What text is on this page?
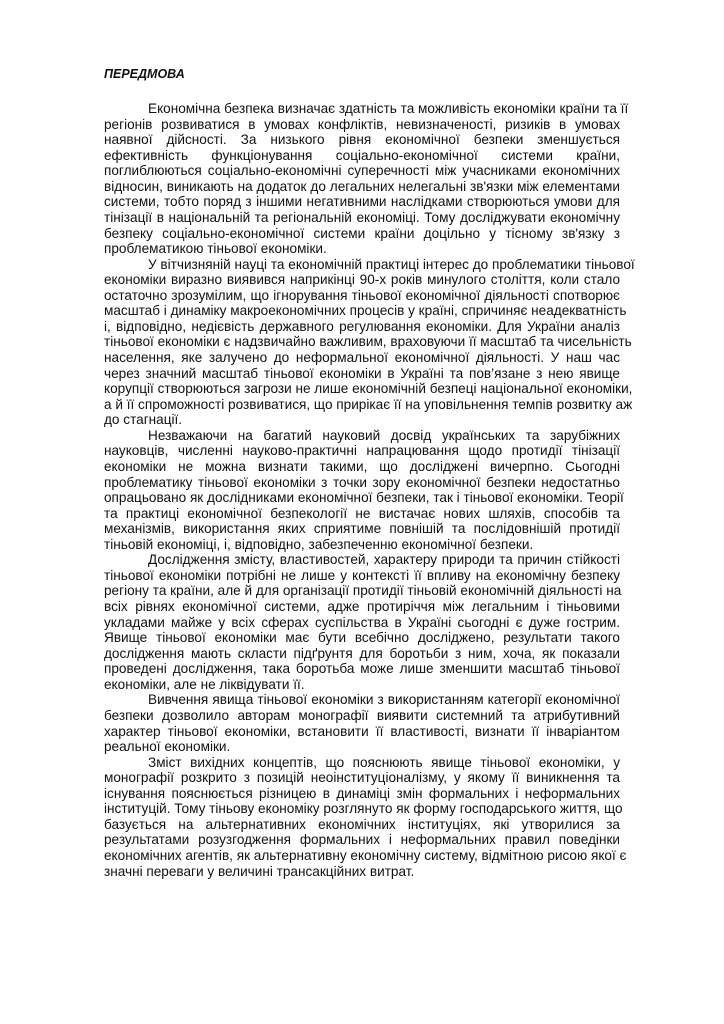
ПЕРЕДМОВА
Економічна безпека визначає здатність та можливість економіки країни та її
регіонів розвиватися в умовах конфліктів, невизначеності, ризиків в умовах
наявної дійсності. За низького рівня економічної безпеки зменшується
ефективність функціонування соціально-економічної системи країни,
поглиблюються соціально-економічні суперечності між учасниками економічних
відносин, виникають на додаток до легальних нелегальні зв'язки між елементами
системи, тобто поряд з іншими негативними наслідками створюються умови для
тінізації в національній та регіональній економіці. Тому досліджувати економічну
безпеку соціально-економічної системи країни доцільно у тісному зв'язку з
проблематикою тіньової економіки.
У вітчизняній науці та економічній практиці інтерес до проблематики тіньової
економіки виразно виявився наприкінці 90-х років минулого століття, коли стало
остаточно зрозумілим, що ігнорування тіньової економічної діяльності спотворює
масштаб і динаміку макроекономічних процесів у країні, спричиняє неадекватність
і, відповідно, недієвість державного регулювання економіки. Для України аналіз
тіньової економіки є надзвичайно важливим, враховуючи її масштаб та чисельність
населення, яке залучено до неформальної економічної діяльності. У наш час
через значний масштаб тіньової економіки в Україні та пов’язане з нею явище
корупції створюються загрози не лише економічній безпеці національної економіки,
а й її спроможності розвиватися, що прирікає її на уповільнення темпів розвитку аж
до стагнації.
Незважаючи на багатий науковий досвід українських та зарубіжних
науковців, численні науково-практичні напрацювання щодо протидії тінізації
економіки не можна визнати такими, що досліджені вичерпно. Сьогодні
проблематику тіньової економіки з точки зору економічної безпеки недостатньо
опрацьовано як дослідниками економічної безпеки, так і тіньової економіки. Теорії
та практиці економічної безпекології не вистачає нових шляхів, способів та
механізмів, використання яких сприятиме повнішій та послідовнішій протидії
тіньовій економіці, і, відповідно, забезпеченню економічної безпеки.
Дослідження змісту, властивостей, характеру природи та причин стійкості
тіньової економіки потрібні не лише у контексті її впливу на економічну безпеку
регіону та країни, але й для організації протидії тіньовій економічній діяльності на
всіх рівнях економічної системи, адже протиріччя між легальним і тіньовими
укладами майже у всіх сферах суспільства в Україні сьогодні є дуже гострим.
Явище тіньової економіки має бути всебічно досліджено, результати такого
дослідження мають скласти підґрунтя для боротьби з ним, хоча, як показали
проведені дослідження, така боротьба може лише зменшити масштаб тіньової
економіки, але не ліквідувати її.
Вивчення явища тіньової економіки з використанням категорії економічної
безпеки дозволило авторам монографії виявити системний та атрибутивний
характер тіньової економіки, встановити її властивості, визнати її інваріантом
реальної економіки.
Зміст вихідних концептів, що пояснюють явище тіньової економіки, у
монографії розкрито з позицій неоінституціоналізму, у якому її виникнення та
існування пояснюється різницею в динаміці змін формальних і неформальних
інституцій. Тому тіньову економіку розглянуто як форму господарського життя, що
базується на альтернативних економічних інституціях, які утворилися за
результатами розузгодження формальних і неформальних правил поведінки
економічних агентів, як альтернативну економічну систему, відмітною рисою якої є
значні переваги у величині трансакційних витрат.
